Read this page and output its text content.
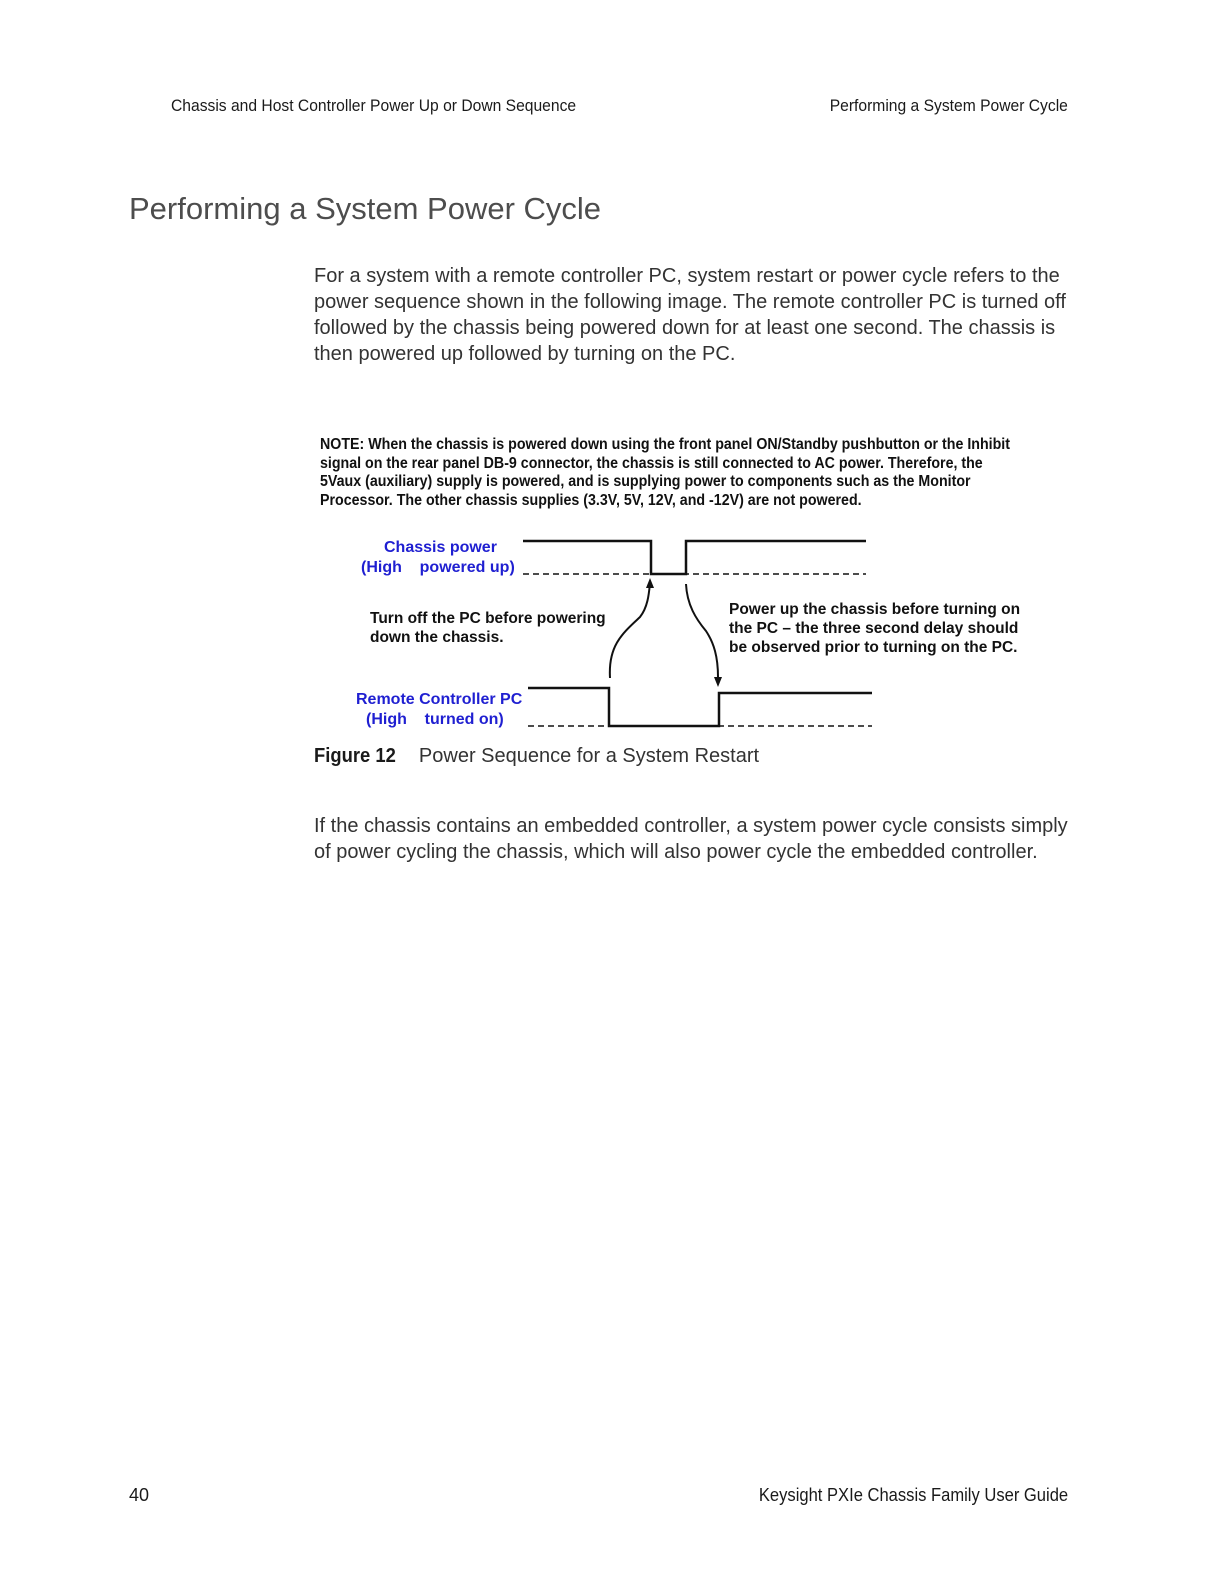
Chassis and Host Controller Power Up or Down Sequence	Performing a System Power Cycle
Performing a System Power Cycle

For a system with a remote controller PC, system restart or power cycle refers to the power sequence shown in the following image. The remote controller PC is turned off followed by the chassis being powered down for at least one second. The chassis is then powered up followed by turning on the PC.

NOTE: When the chassis is powered down using the front panel ON/Standby pushbutton or the Inhibit signal on the rear panel DB-9 connector, the chassis is still connected to AC power. Therefore, the 5Vaux (auxiliary) supply is powered, and is supplying power to components such as the Monitor Processor. The other chassis supplies (3.3V, 5V, 12V, and -12V) are not powered.

Chassis power
(High    powered up)
Remote Controller PC
(High    turned on)
Turn off the PC before powering
down the chassis.
Power up the chassis before turning on
the PC – the three second delay should
be observed prior to turning on the PC.
Figure 12 Power Sequence for a System Restart

If the chassis contains an embedded controller, a system power cycle consists simply of power cycling the chassis, which will also power cycle the embedded controller.

40	Keysight PXIe Chassis Family User Guide
